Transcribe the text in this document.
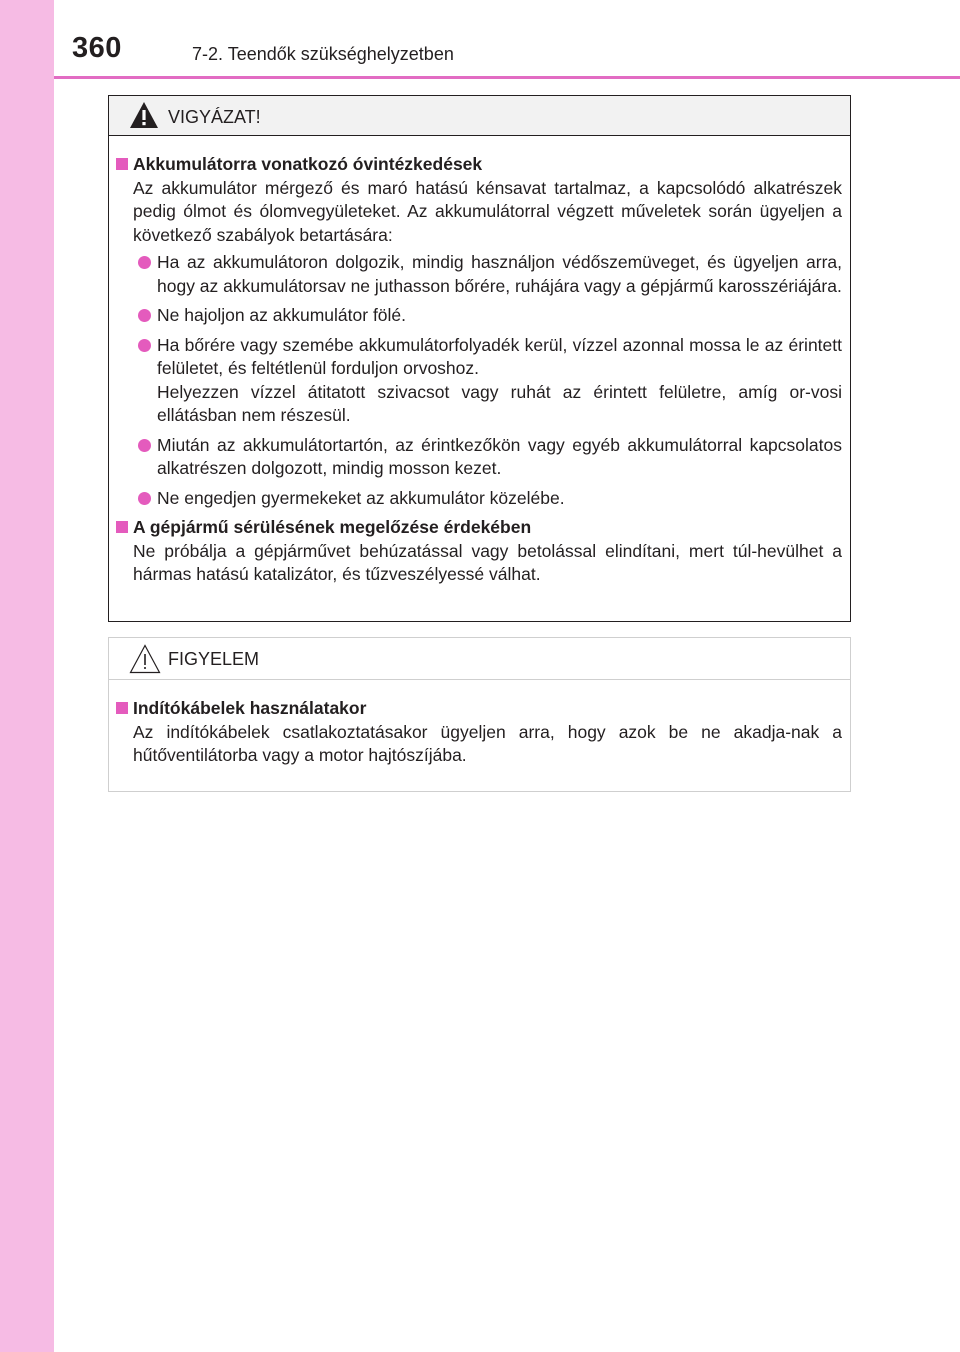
360	7-2. Teendők szükséghelyzetben
VIGYÁZAT!
Akkumulátorra vonatkozó óvintézkedések
Az akkumulátor mérgező és maró hatású kénsavat tartalmaz, a kapcsolódó alkatrészek pedig ólmot és ólomvegyületeket. Az akkumulátorral végzett műveletek során ügyeljen a következő szabályok betartására:
Ha az akkumulátoron dolgozik, mindig használjon védőszemüveget, és ügyeljen arra, hogy az akkumulátorsav ne juthasson bőrére, ruhájára vagy a gépjármű karosszériájára.
Ne hajoljon az akkumulátor fölé.
Ha bőrére vagy szemébe akkumulátorfolyadék kerül, vízzel azonnal mossa le az érintett felületet, és feltétlenül forduljon orvoshoz.
Helyezzen vízzel átitatott szivacsot vagy ruhát az érintett felületre, amíg or-vosi ellátásban nem részesül.
Miután az akkumulátortartón, az érintkezőkön vagy egyéb akkumulátorral kapcsolatos alkatrészen dolgozott, mindig mosson kezet.
Ne engedjen gyermekeket az akkumulátor közelébe.
A gépjármű sérülésének megelőzése érdekében
Ne próbálja a gépjárművet behúzatással vagy betolással elindítani, mert túl-hevülhet a hármas hatású katalizátor, és tűzveszélyessé válhat.
FIGYELEM
Indítókábelek használatakor
Az indítókábelek csatlakoztatásakor ügyeljen arra, hogy azok be ne akadja-nak a hűtőventilátorba vagy a motor hajtószíjába.
